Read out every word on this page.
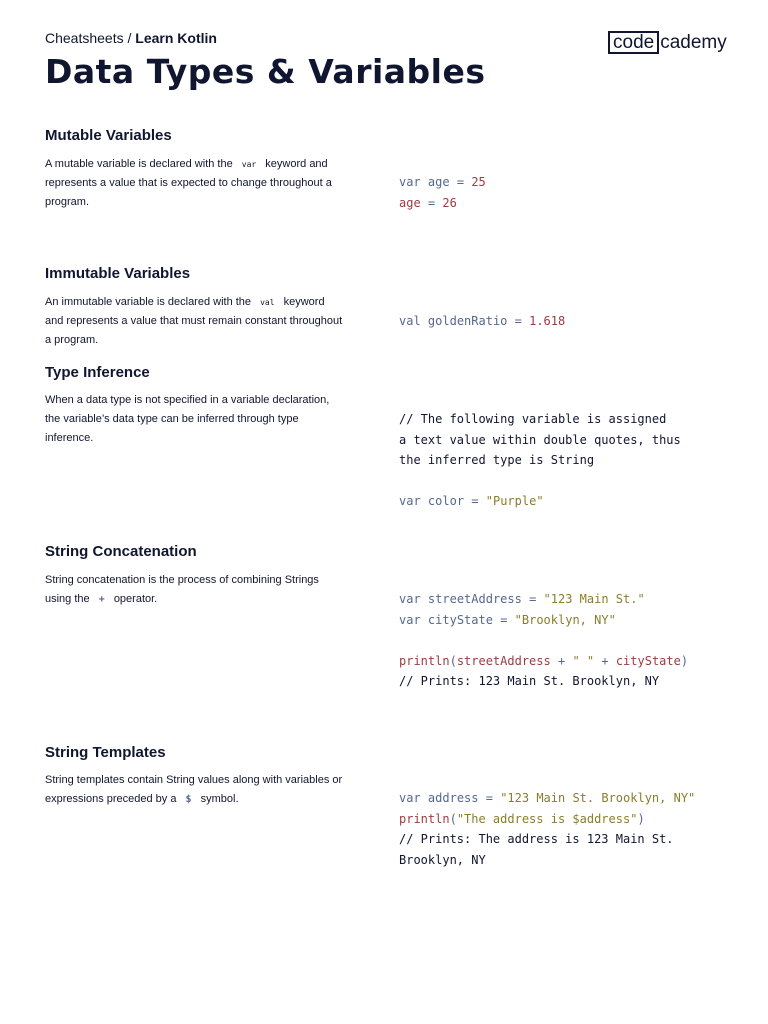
Cheatsheets / Learn Kotlin	code cademy
Data Types & Variables
Mutable Variables

A mutable variable is declared with the var keyword and represents a value that is expected to change throughout a program.

var age = 25
age = 26
Immutable Variables

An immutable variable is declared with the val keyword and represents a value that must remain constant throughout a program.

val goldenRatio = 1.618
Type Inference

When a data type is not specified in a variable declaration, the variable’s data type can be inferred through type inference.

// The following variable is assigned
a text value within double quotes, thus
the inferred type is String
var color = "Purple"
String Concatenation

String concatenation is the process of combining Strings using the + operator.	var streetAddress = "123 Main St."
var cityState = "Brooklyn, NY"
println(streetAddress + " " + cityState)
// Prints: 123 Main St. Brooklyn, NY
String Templates

String templates contain String values along with variables or expressions preceded by a $ symbol.	var address = "123 Main St. Brooklyn, NY"
println("The address is $address")
// Prints: The address is 123 Main St.
Brooklyn, NY
